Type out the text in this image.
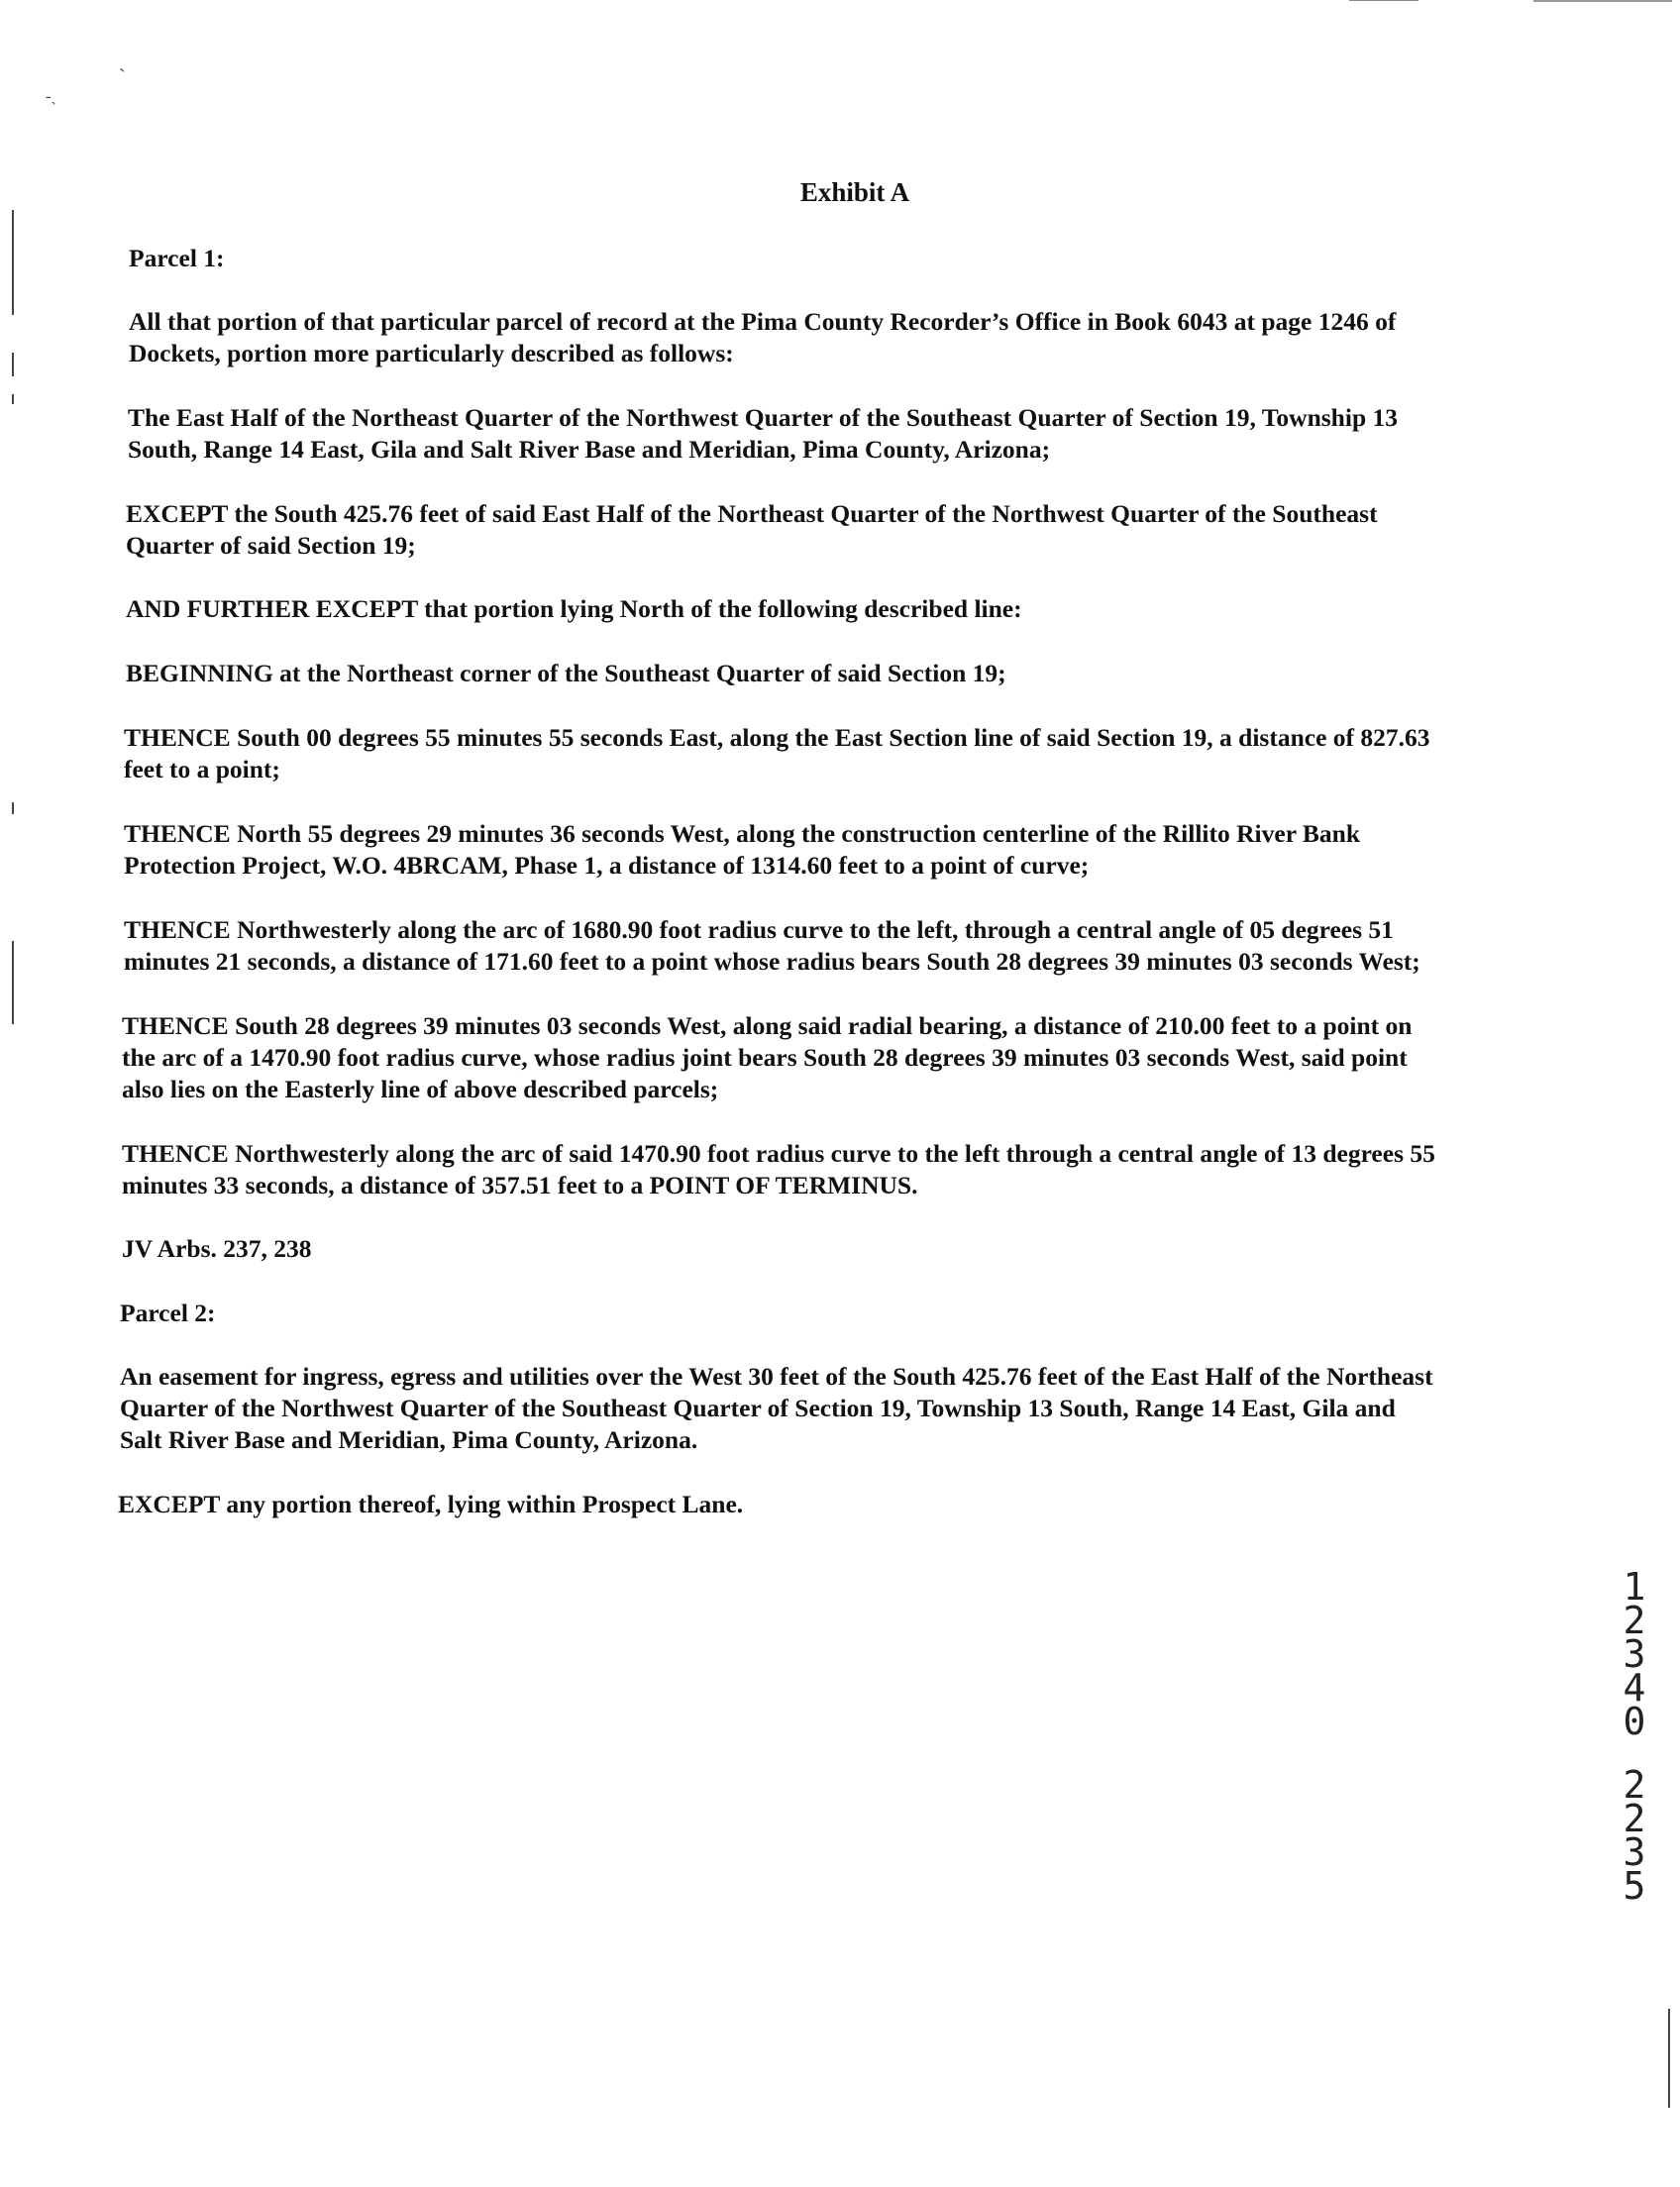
ˏ
-ˎ
Exhibit A
Parcel 1:
All that portion of that particular parcel of record at the Pima County Recorder’s Office in Book 6043 at page 1246 of
Dockets, portion more particularly described as follows:
The East Half of the Northeast Quarter of the Northwest Quarter of the Southeast Quarter of Section 19, Township 13
South, Range 14 East, Gila and Salt River Base and Meridian, Pima County, Arizona;
EXCEPT the South 425.76 feet of said East Half of the Northeast Quarter of the Northwest Quarter of the Southeast
Quarter of said Section 19;
AND FURTHER EXCEPT that portion lying North of the following described line:
BEGINNING at the Northeast corner of the Southeast Quarter of said Section 19;
THENCE South 00 degrees 55 minutes 55 seconds East, along the East Section line of said Section 19, a distance of 827.63
feet to a point;
THENCE North 55 degrees 29 minutes 36 seconds West, along the construction centerline of the Rillito River Bank
Protection Project, W.O. 4BRCAM, Phase 1, a distance of 1314.60 feet to a point of curve;
THENCE Northwesterly along the arc of 1680.90 foot radius curve to the left, through a central angle of 05 degrees 51
minutes 21 seconds, a distance of 171.60 feet to a point whose radius bears South 28 degrees 39 minutes 03 seconds West;
THENCE South 28 degrees 39 minutes 03 seconds West, along said radial bearing, a distance of 210.00 feet to a point on
the arc of a 1470.90 foot radius curve, whose radius joint bears South 28 degrees 39 minutes 03 seconds West, said point
also lies on the Easterly line of above described parcels;
THENCE Northwesterly along the arc of said 1470.90 foot radius curve to the left through a central angle of 13 degrees 55
minutes 33 seconds, a distance of 357.51 feet to a POINT OF TERMINUS.
JV Arbs. 237, 238
Parcel 2:
An easement for ingress, egress and utilities over the West 30 feet of the South 425.76 feet of the East Half of the Northeast
Quarter of the Northwest Quarter of the Southeast Quarter of Section 19, Township 13 South, Range 14 East, Gila and
Salt River Base and Meridian, Pima County, Arizona.
EXCEPT any portion thereof, lying within Prospect Lane.
1
2
3
4
0
2
2
3
5
